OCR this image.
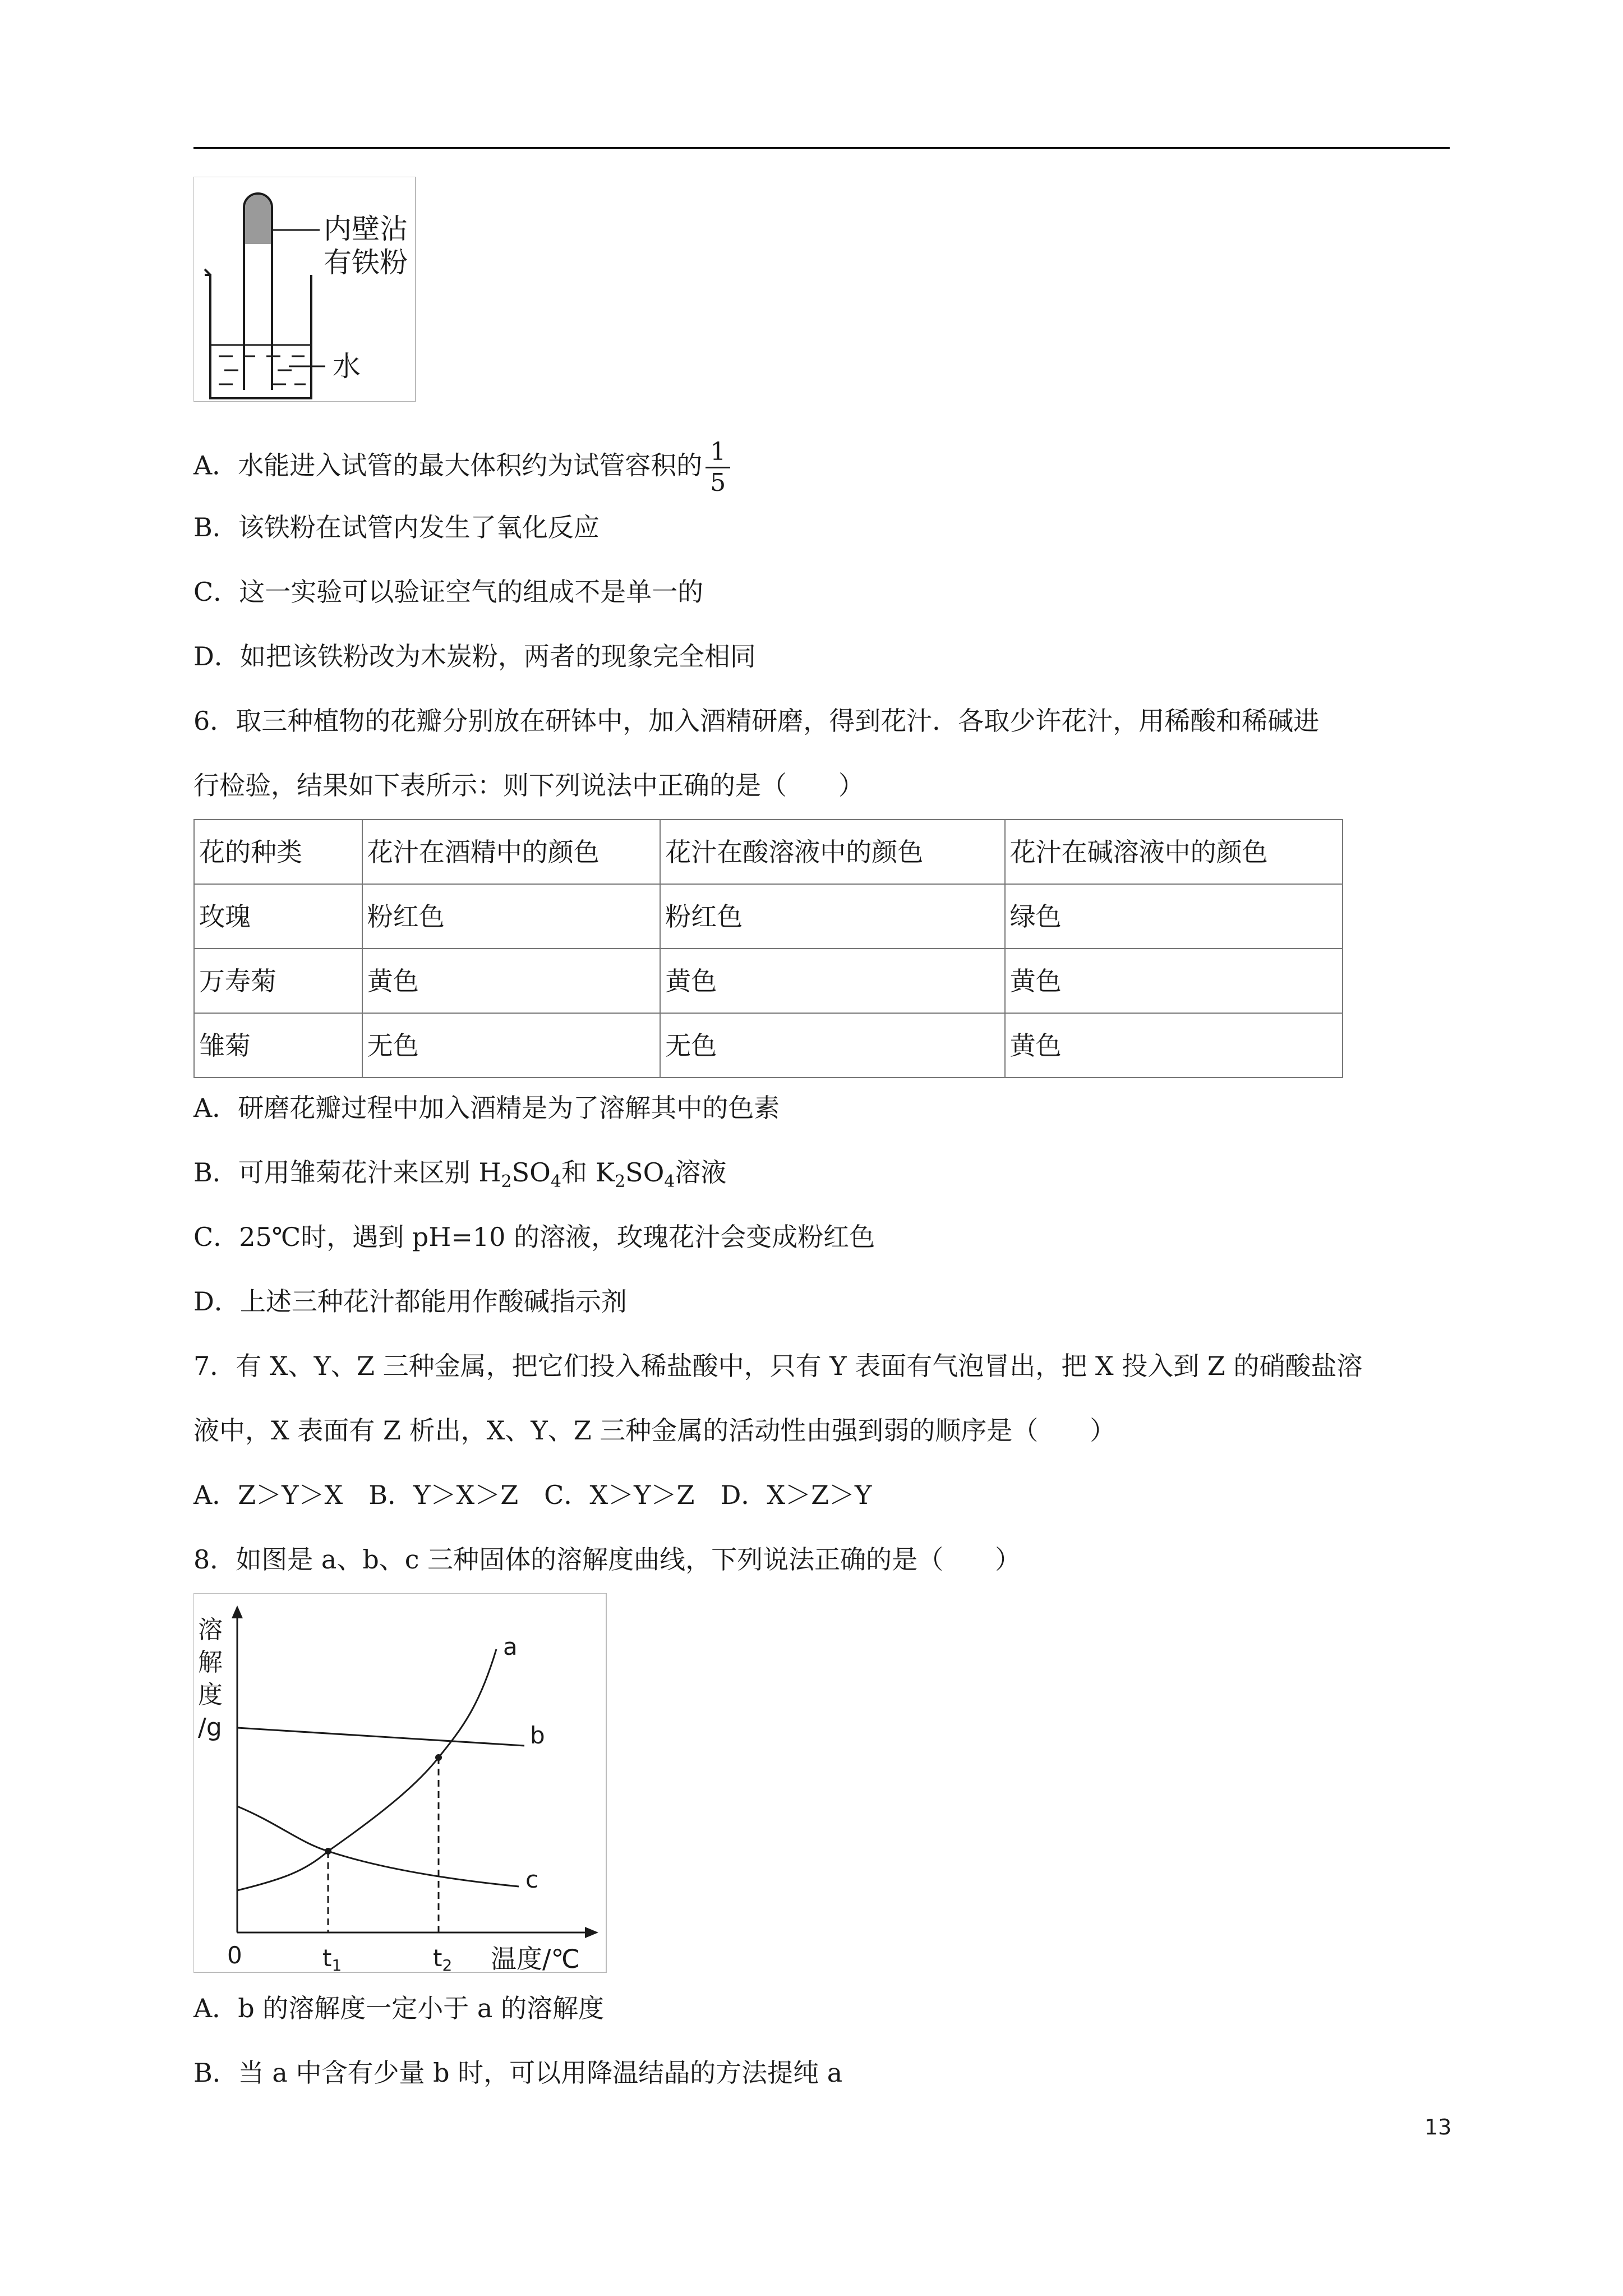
内壁沾
有铁粉
水
A．水能进入试管的最大体积约为试管容积的 $\frac{1}{5}$
B．该铁粉在试管内发生了氧化反应
C．这一实验可以验证空气的组成不是单一的
D．如把该铁粉改为木炭粉，两者的现象完全相同
6．取三种植物的花瓣分别放在研钵中，加入酒精研磨，得到花汁．各取少许花汁，用稀酸和稀碱进
行检验，结果如下表所示：则下列说法中正确的是（　　）
花的种类	花汁在酒精中的颜色	花汁在酸溶液中的颜色	花汁在碱溶液中的颜色
玫瑰	粉红色	粉红色	绿色
万寿菊	黄色	黄色	黄色
雏菊	无色	无色	黄色
A．研磨花瓣过程中加入酒精是为了溶解其中的色素
B．可用雏菊花汁来区别 $H_2SO_4$和 $K_2SO_4$溶液
C．25℃时，遇到 pH=10 的溶液，玫瑰花汁会变成粉红色
D．上述三种花汁都能用作酸碱指示剂
7．有 X、Y、Z 三种金属，把它们投入稀盐酸中，只有 Y 表面有气泡冒出，把 X 投入到 Z 的硝酸盐溶
液中，X 表面有 Z 析出，X、Y、Z 三种金属的活动性由强到弱的顺序是（　　）
A．Z＞Y＞X　B．Y＞X＞Z　C．X＞Y＞Z　D．X＞Z＞Y
8．如图是 a、b、c 三种固体的溶解度曲线，下列说法正确的是（　　）
溶
解
度
/g
0	t1	t2 温度/℃
a
b
c
A．b 的溶解度一定小于 a 的溶解度
B．当 a 中含有少量 b 时，可以用降温结晶的方法提纯 a
13
